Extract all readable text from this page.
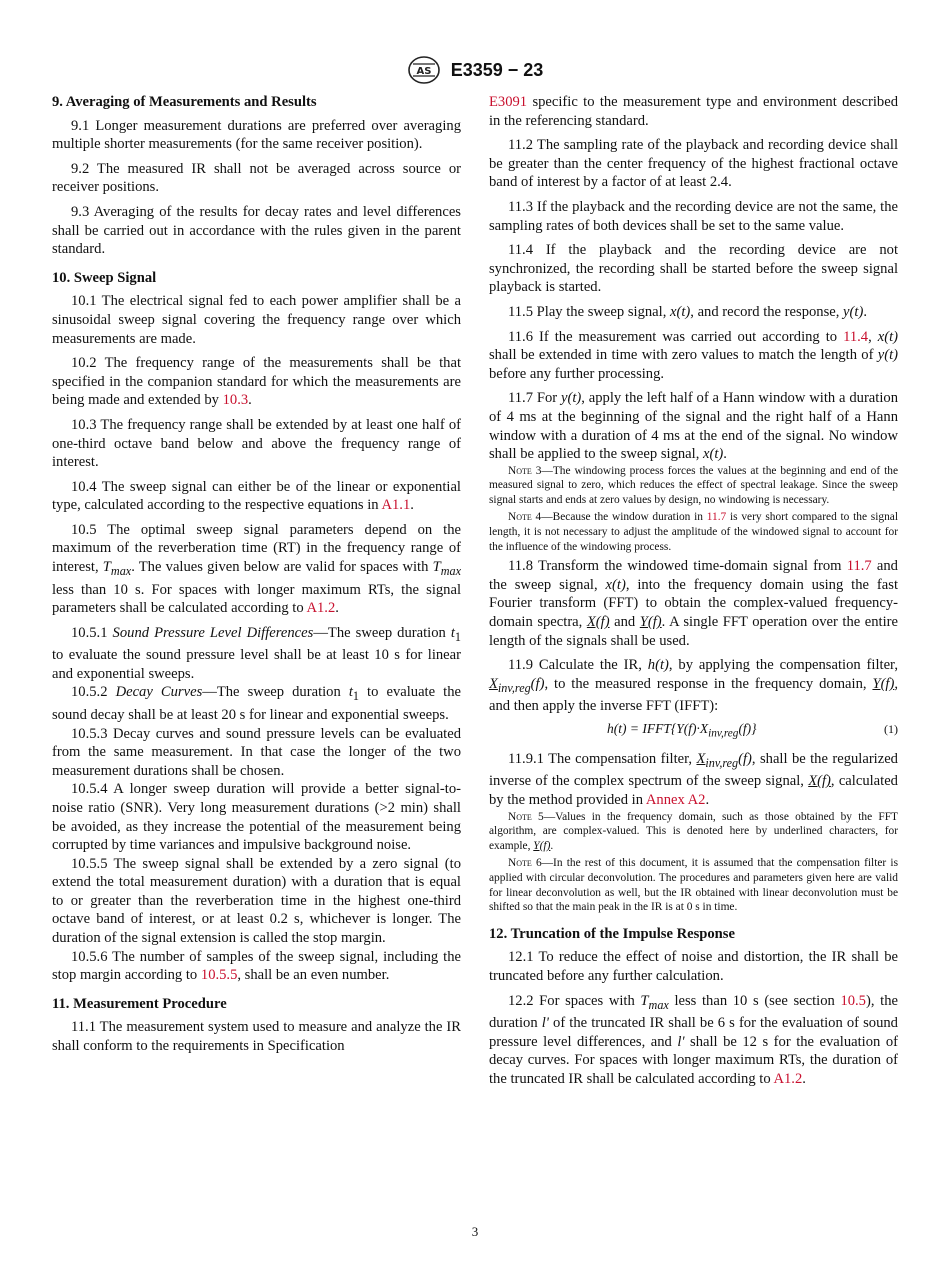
AS E3359 − 23
9. Averaging of Measurements and Results

9.1 Longer measurement durations are preferred over averaging multiple shorter measurements (for the same receiver position).

9.2 The measured IR shall not be averaged across source or receiver positions.

9.3 Averaging of the results for decay rates and level differences shall be carried out in accordance with the rules given in the parent standard.

10. Sweep Signal

10.1 The electrical signal fed to each power amplifier shall be a sinusoidal sweep signal covering the frequency range over which measurements are made.

10.2 The frequency range of the measurements shall be that specified in the companion standard for which the measurements are being made and extended by 10.3.

10.3 The frequency range shall be extended by at least one half of one-third octave band below and above the frequency range of interest.

10.4 The sweep signal can either be of the linear or exponential type, calculated according to the respective equations in A1.1.

10.5 The optimal sweep signal parameters depend on the maximum of the reverberation time (RT) in the frequency range of interest, $T_{max}$. The values given below are valid for spaces with $T_{max}$ less than 10 s. For spaces with longer maximum RTs, the signal parameters shall be calculated according to A1.2.

10.5.1 Sound Pressure Level Differences—The sweep duration $t_1$ to evaluate the sound pressure level shall be at least 10 s for linear and exponential sweeps.

10.5.2 Decay Curves—The sweep duration $t_1$ to evaluate the sound decay shall be at least 20 s for linear and exponential sweeps.

10.5.3 Decay curves and sound pressure levels can be evaluated from the same measurement. In that case the longer of the two measurement durations shall be chosen.

10.5.4 A longer sweep duration will provide a better signal-to-noise ratio (SNR). Very long measurement durations (>2 min) shall be avoided, as they increase the potential of the measurement being corrupted by time variances and impulsive background noise.

10.5.5 The sweep signal shall be extended by a zero signal (to extend the total measurement duration) with a duration that is equal to or greater than the reverberation time in the highest one-third octave band of interest, or at least 0.2 s, whichever is longer. The duration of the signal extension is called the stop margin.

10.5.6 The number of samples of the sweep signal, including the stop margin according to 10.5.5, shall be an even number.

11. Measurement Procedure

11.1 The measurement system used to measure and analyze the IR shall conform to the requirements in Specification

E3091 specific to the measurement type and environment described in the referencing standard.

11.2 The sampling rate of the playback and recording device shall be greater than the center frequency of the highest fractional octave band of interest by a factor of at least 2.4.

11.3 If the playback and the recording device are not the same, the sampling rates of both devices shall be set to the same value.

11.4 If the playback and the recording device are not synchronized, the recording shall be started before the sweep signal playback is started.

11.5 Play the sweep signal, x(t), and record the response, y(t).

11.6 If the measurement was carried out according to 11.4, x(t) shall be extended in time with zero values to match the length of y(t) before any further processing.

11.7 For y(t), apply the left half of a Hann window with a duration of 4 ms at the beginning of the signal and the right half of a Hann window with a duration of 4 ms at the end of the signal. No window shall be applied to the sweep signal, x(t).

Note 3—The windowing process forces the values at the beginning and end of the measured signal to zero, which reduces the effect of spectral leakage. Since the sweep signal starts and ends at zero values by design, no windowing is necessary.
Note 4—Because the window duration in 11.7 is very short compared to the signal length, it is not necessary to adjust the amplitude of the windowed signal to account for the influence of the windowing process.

11.8 Transform the windowed time-domain signal from 11.7 and the sweep signal, x(t), into the frequency domain using the fast Fourier transform (FFT) to obtain the complex-valued frequency-domain spectra, X(f) and Y(f). A single FFT operation over the entire length of the signals shall be used.

11.9 Calculate the IR, h(t), by applying the compensation filter, $X_{inv,reg}(f)$, to the measured response in the frequency domain, Y(f), and then apply the inverse FFT (IFFT):

$h(t) = IFFT\{Y(f)\cdot X_{inv,reg}(f)\}$	(1)

11.9.1 The compensation filter, $X_{inv,reg}(f)$, shall be the regularized inverse of the complex spectrum of the sweep signal, X(f), calculated by the method provided in Annex A2.

Note 5—Values in the frequency domain, such as those obtained by the FFT algorithm, are complex-valued. This is denoted here by underlined characters, for example, Y(f).
Note 6—In the rest of this document, it is assumed that the compensation filter is applied with circular deconvolution. The procedures and parameters given here are valid for linear deconvolution as well, but the IR obtained with linear deconvolution must be shifted so that the main peak in the IR is at 0 s in time.
12. Truncation of the Impulse Response

12.1 To reduce the effect of noise and distortion, the IR shall be truncated before any further calculation.

12.2 For spaces with $T_{max}$ less than 10 s (see section 10.5), the duration l' of the truncated IR shall be 6 s for the evaluation of sound pressure level differences, and l' shall be 12 s for the evaluation of decay curves. For spaces with longer maximum RTs, the duration of the truncated IR shall be calculated according to A1.2.

3
